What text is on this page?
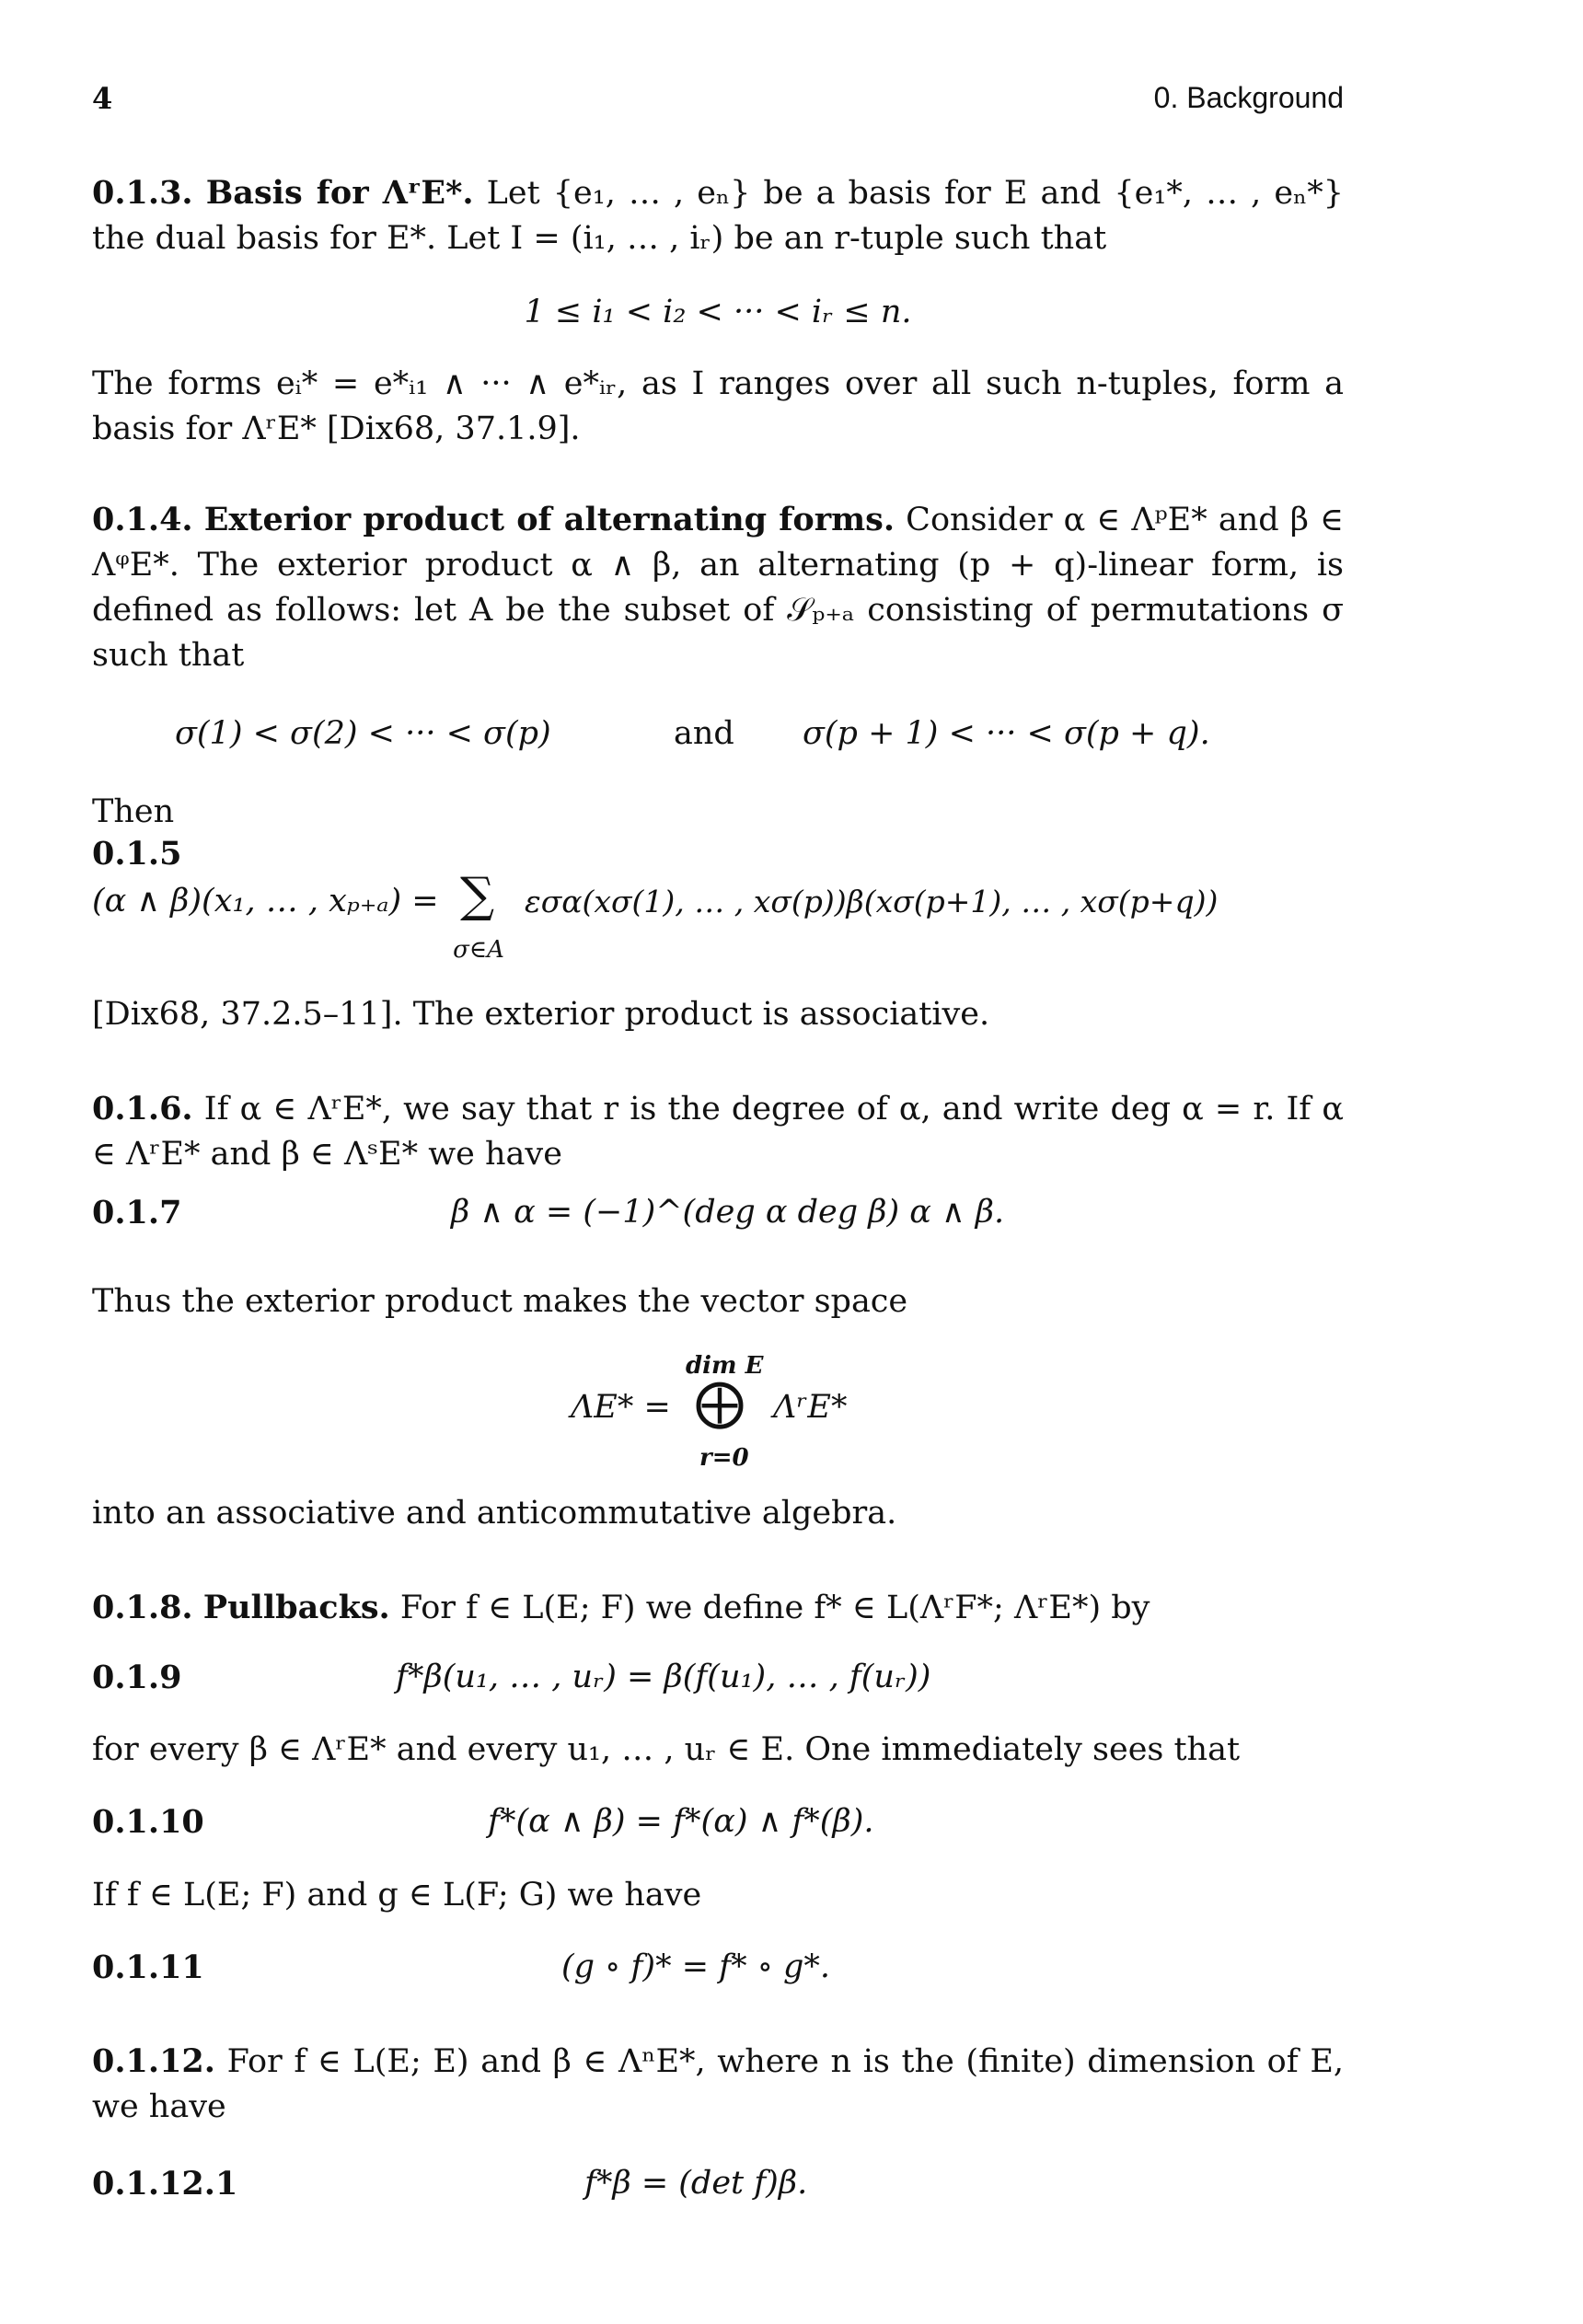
4	0. Background
0.1.3. Basis for ΛʳE*. Let {e₁, … , eₙ} be a basis for E and {e₁*, … , eₙ*} the dual basis for E*. Let I = (i₁, … , iᵣ) be an r-tuple such that
1 ≤ i₁ < i₂ < ··· < iᵣ ≤ n.
The forms eᵢ* = e*ᵢ₁ ∧ ··· ∧ e*ᵢᵣ, as I ranges over all such n-tuples, form a basis for ΛʳE* [Dix68, 37.1.9].
0.1.4. Exterior product of alternating forms. Consider α ∈ ΛᵖE* and β ∈ ΛᵠE*. The exterior product α ∧ β, an alternating (p + q)-linear form, is defined as follows: let A be the subset of 𝒮ₚ₊ₐ consisting of permutations σ such that
σ(1) < σ(2) < ··· < σ(p)	and σ(p + 1) < ··· < σ(p + q).
Then
0.1.5
(α ∧ β)(x₁, … , xₚ₊ₐ) = ∑
σ∈A
εσα(xσ(1), … , xσ(p))β(xσ(p+1), … , xσ(p+q))
[Dix68, 37.2.5–11]. The exterior product is associative.
0.1.6. If α ∈ ΛʳE*, we say that r is the degree of α, and write deg α = r. If α ∈ ΛʳE* and β ∈ ΛˢE* we have
0.1.7	β ∧ α = (−1)^(deg α deg β) α ∧ β.
Thus the exterior product makes the vector space
dim E
ΛE* = ⨁ ΛʳE*
r=0
into an associative and anticommutative algebra.
0.1.8. Pullbacks. For f ∈ L(E; F) we define f* ∈ L(ΛʳF*; ΛʳE*) by
0.1.9	f*β(u₁, … , uᵣ) = β(f(u₁), … , f(uᵣ))
for every β ∈ ΛʳE* and every u₁, … , uᵣ ∈ E. One immediately sees that
0.1.10	f*(α ∧ β) = f*(α) ∧ f*(β).
If f ∈ L(E; F) and g ∈ L(F; G) we have
0.1.11	(g ∘ f)* = f* ∘ g*.
0.1.12. For f ∈ L(E; E) and β ∈ ΛⁿE*, where n is the (finite) dimension of E, we have
0.1.12.1	f*β = (det f)β.
